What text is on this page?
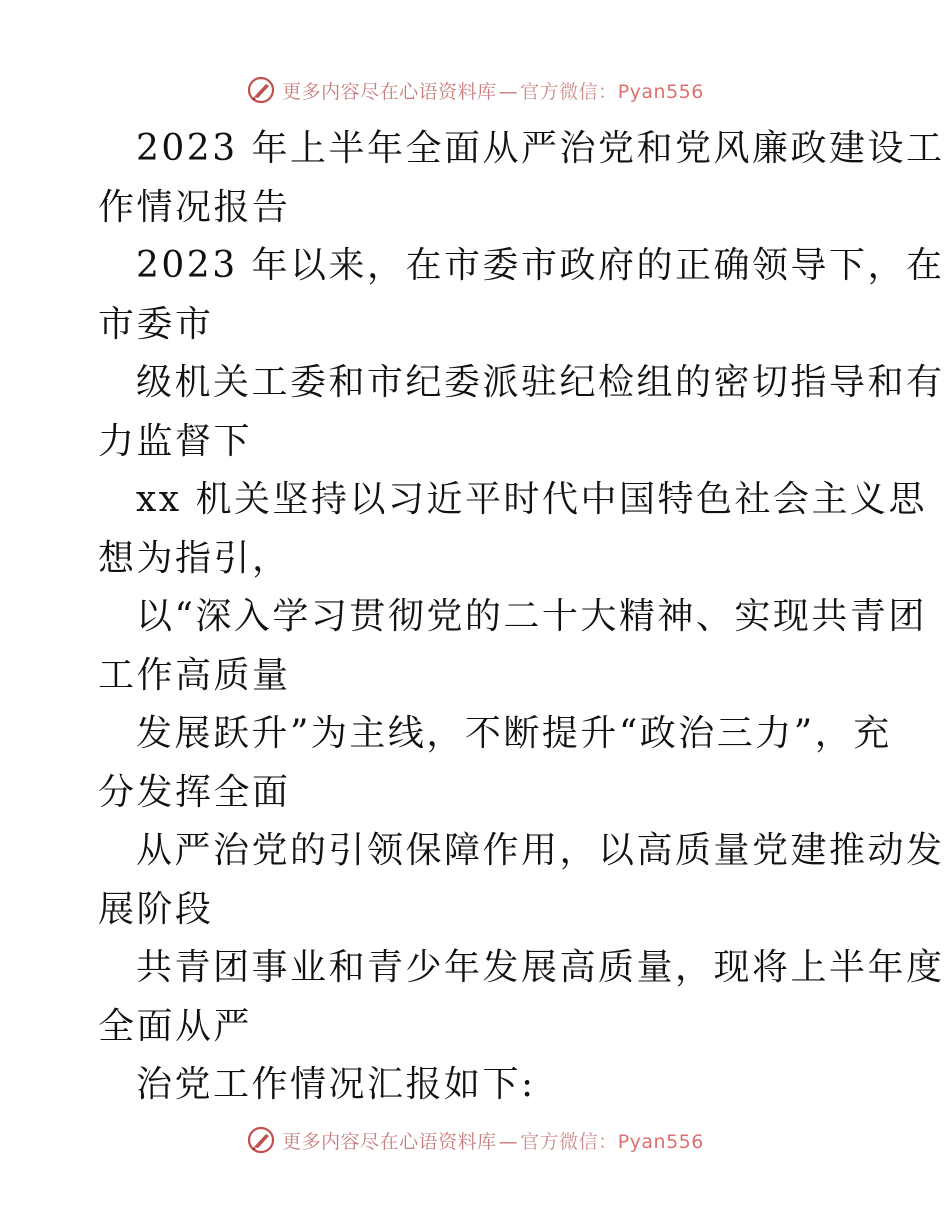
更多内容尽在心语资料库 — 官方微信：Pyan556
2023 年上半年全面从严治党和党风廉政建设工
作情况报告
2023 年以来，在市委市政府的正确领导下，在
市委市
级机关工委和市纪委派驻纪检组的密切指导和有
力监督下
xx 机关坚持以习近平时代中国特色社会主义思
想为指引，
以“深入学习贯彻党的二十大精神、实现共青团
工作高质量
发展跃升”为主线，不断提升“政治三力”，充
分发挥全面
从严治党的引领保障作用，以高质量党建推动发
展阶段
共青团事业和青少年发展高质量，现将上半年度
全面从严
治党工作情况汇报如下:
更多内容尽在心语资料库 — 官方微信：Pyan556
